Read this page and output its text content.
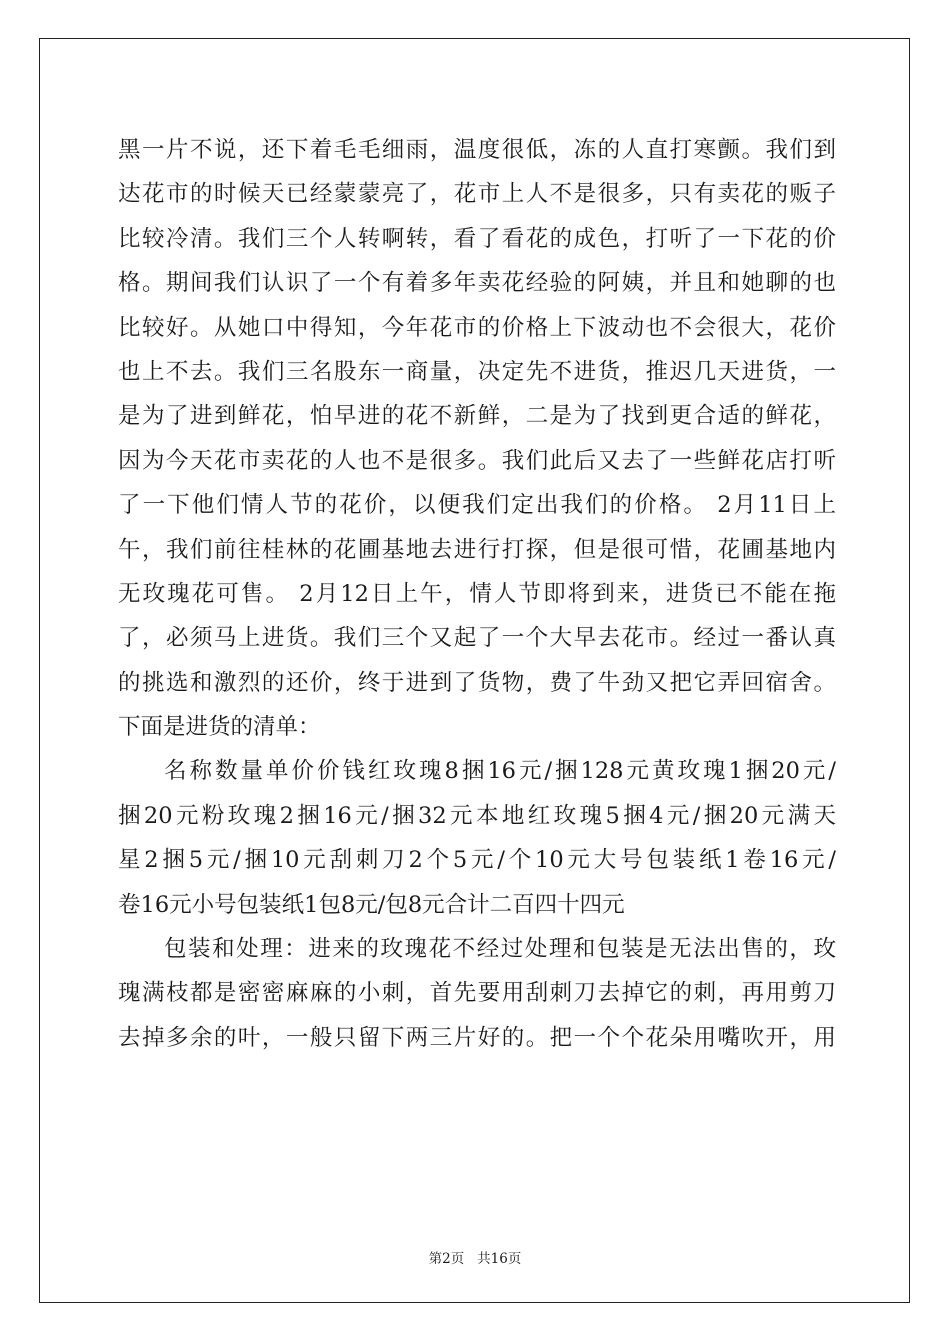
黑一片不说，还下着毛毛细雨，温度很低，冻的人直打寒颤。我们到
达花市的时候天已经蒙蒙亮了，花市上人不是很多，只有卖花的贩子
比较冷清。我们三个人转啊转，看了看花的成色，打听了一下花的价
格。期间我们认识了一个有着多年卖花经验的阿姨，并且和她聊的也
比较好。从她口中得知，今年花市的价格上下波动也不会很大，花价
也上不去。我们三名股东一商量，决定先不进货，推迟几天进货，一
是为了进到鲜花，怕早进的花不新鲜，二是为了找到更合适的鲜花，
因为今天花市卖花的人也不是很多。我们此后又去了一些鲜花店打听
了一下他们情人节的花价，以便我们定出我们的价格。 2月11日上
午，我们前往桂林的花圃基地去进行打探，但是很可惜，花圃基地内
无玫瑰花可售。 2月12日上午，情人节即将到来，进货已不能在拖
了，必须马上进货。我们三个又起了一个大早去花市。经过一番认真
的挑选和激烈的还价，终于进到了货物，费了牛劲又把它弄回宿舍。
下面是进货的清单：
名称数量单价价钱红玫瑰8捆16元/捆128元黄玫瑰1捆20元/
捆20元粉玫瑰2捆16元/捆32元本地红玫瑰5捆4元/捆20元满天
星2捆5元/捆10元刮刺刀2个5元/个10元大号包装纸1卷16元/
卷16元小号包装纸1包8元/包8元合计二百四十四元
包装和处理：进来的玫瑰花不经过处理和包装是无法出售的，玫
瑰满枝都是密密麻麻的小刺，首先要用刮刺刀去掉它的刺，再用剪刀
去掉多余的叶，一般只留下两三片好的。把一个个花朵用嘴吹开，用
第2页   共16页
